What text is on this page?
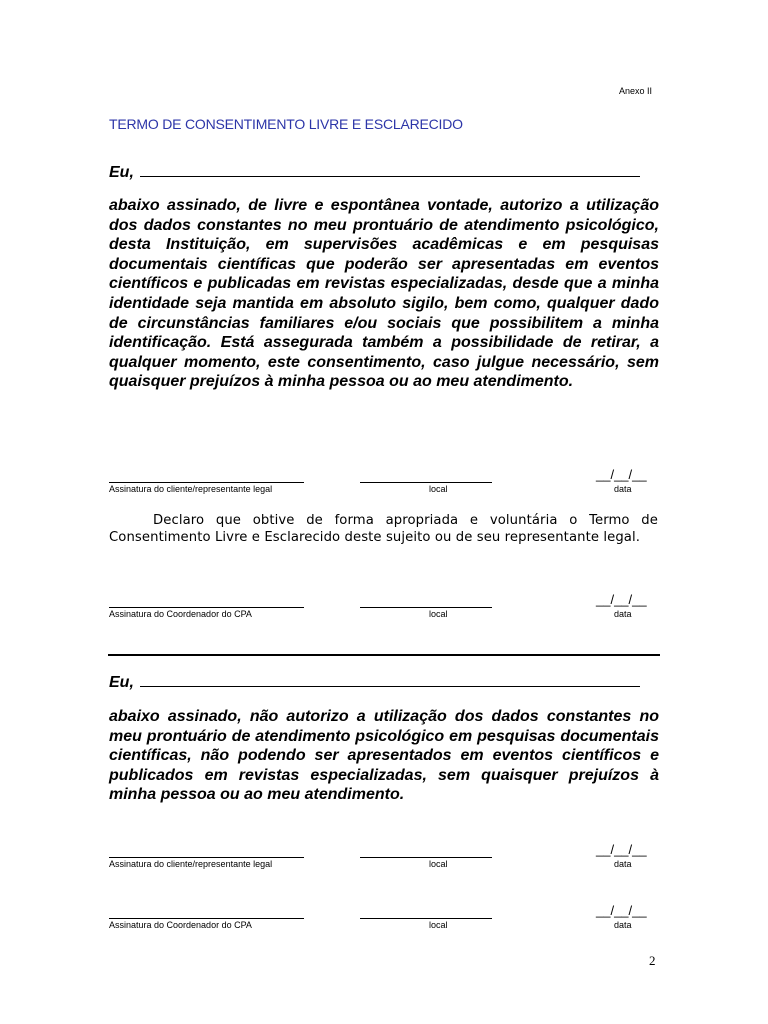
Anexo II
TERMO DE CONSENTIMENTO LIVRE E ESCLARECIDO
Eu,
abaixo assinado, de livre e espontânea vontade, autorizo a utilização dos dados constantes no meu prontuário de atendimento psicológico, desta Instituição, em supervisões acadêmicas e em pesquisas documentais científicas que poderão ser apresentadas em eventos científicos e publicadas em revistas especializadas, desde que a minha identidade seja mantida em absoluto sigilo, bem como, qualquer dado de circunstâncias familiares e/ou sociais que possibilitem a minha identificação. Está assegurada também a possibilidade de retirar, a qualquer momento, este consentimento, caso julgue necessário, sem quaisquer prejuízos à minha pessoa ou ao meu atendimento.
Assinatura do cliente/representante legal	local
__/__/__
data
Declaro que obtive de forma apropriada e voluntária o Termo de Consentimento Livre e Esclarecido deste sujeito ou de seu representante legal.
Assinatura do Coordenador do CPA	local
__/__/__
data
Eu,
abaixo assinado, não autorizo a utilização dos dados constantes no meu prontuário de atendimento psicológico em pesquisas documentais científicas, não podendo ser apresentados em eventos científicos e publicados em revistas especializadas, sem quaisquer prejuízos à minha pessoa ou ao meu atendimento.
Assinatura do cliente/representante legal	local
__/__/__
data
Assinatura do Coordenador do CPA	local
__/__/__
data
2
